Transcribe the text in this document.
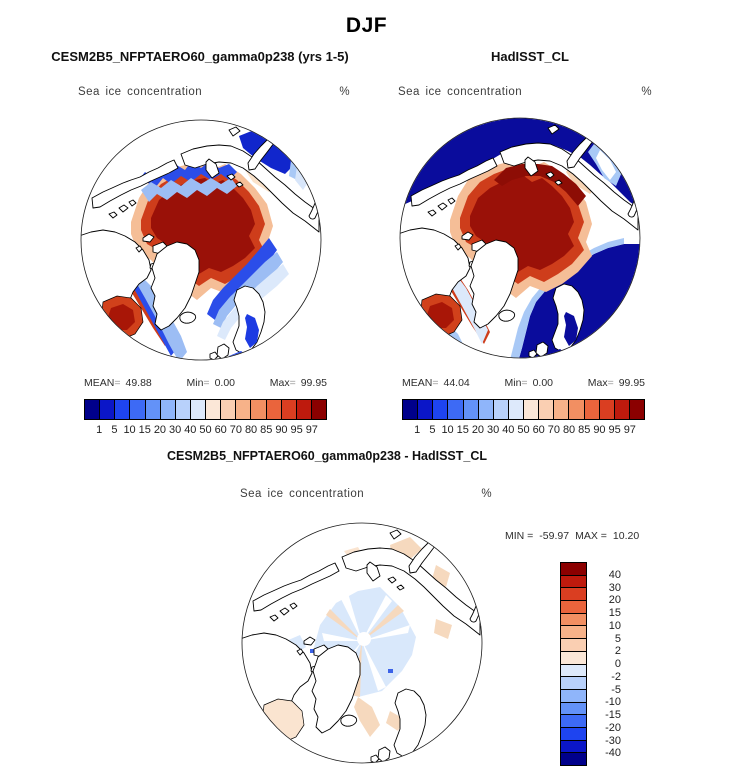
DJF
CESM2B5_NFPTAERO60_gamma0p238 (yrs 1-5)	HadISST_CL
Sea ice concentration	%	Sea ice concentration	%
MEAN= 49.88	Min= 0.00	Max= 99.95	MEAN= 44.04	Min= 0.00	Max= 99.95
1 5 10 15 20 30 40 50 60 70 80 85 90 95 97	1 5 10 15 20 30 40 50 60 70 80 85 90 95 97
CESM2B5_NFPTAERO60_gamma0p238 - HadISST_CL
Sea ice concentration	%
MIN = -59.97 MAX = 10.20
40
30
20
15
10
5
2
0
-2
-5
-10
-15
-20
-30
-40
